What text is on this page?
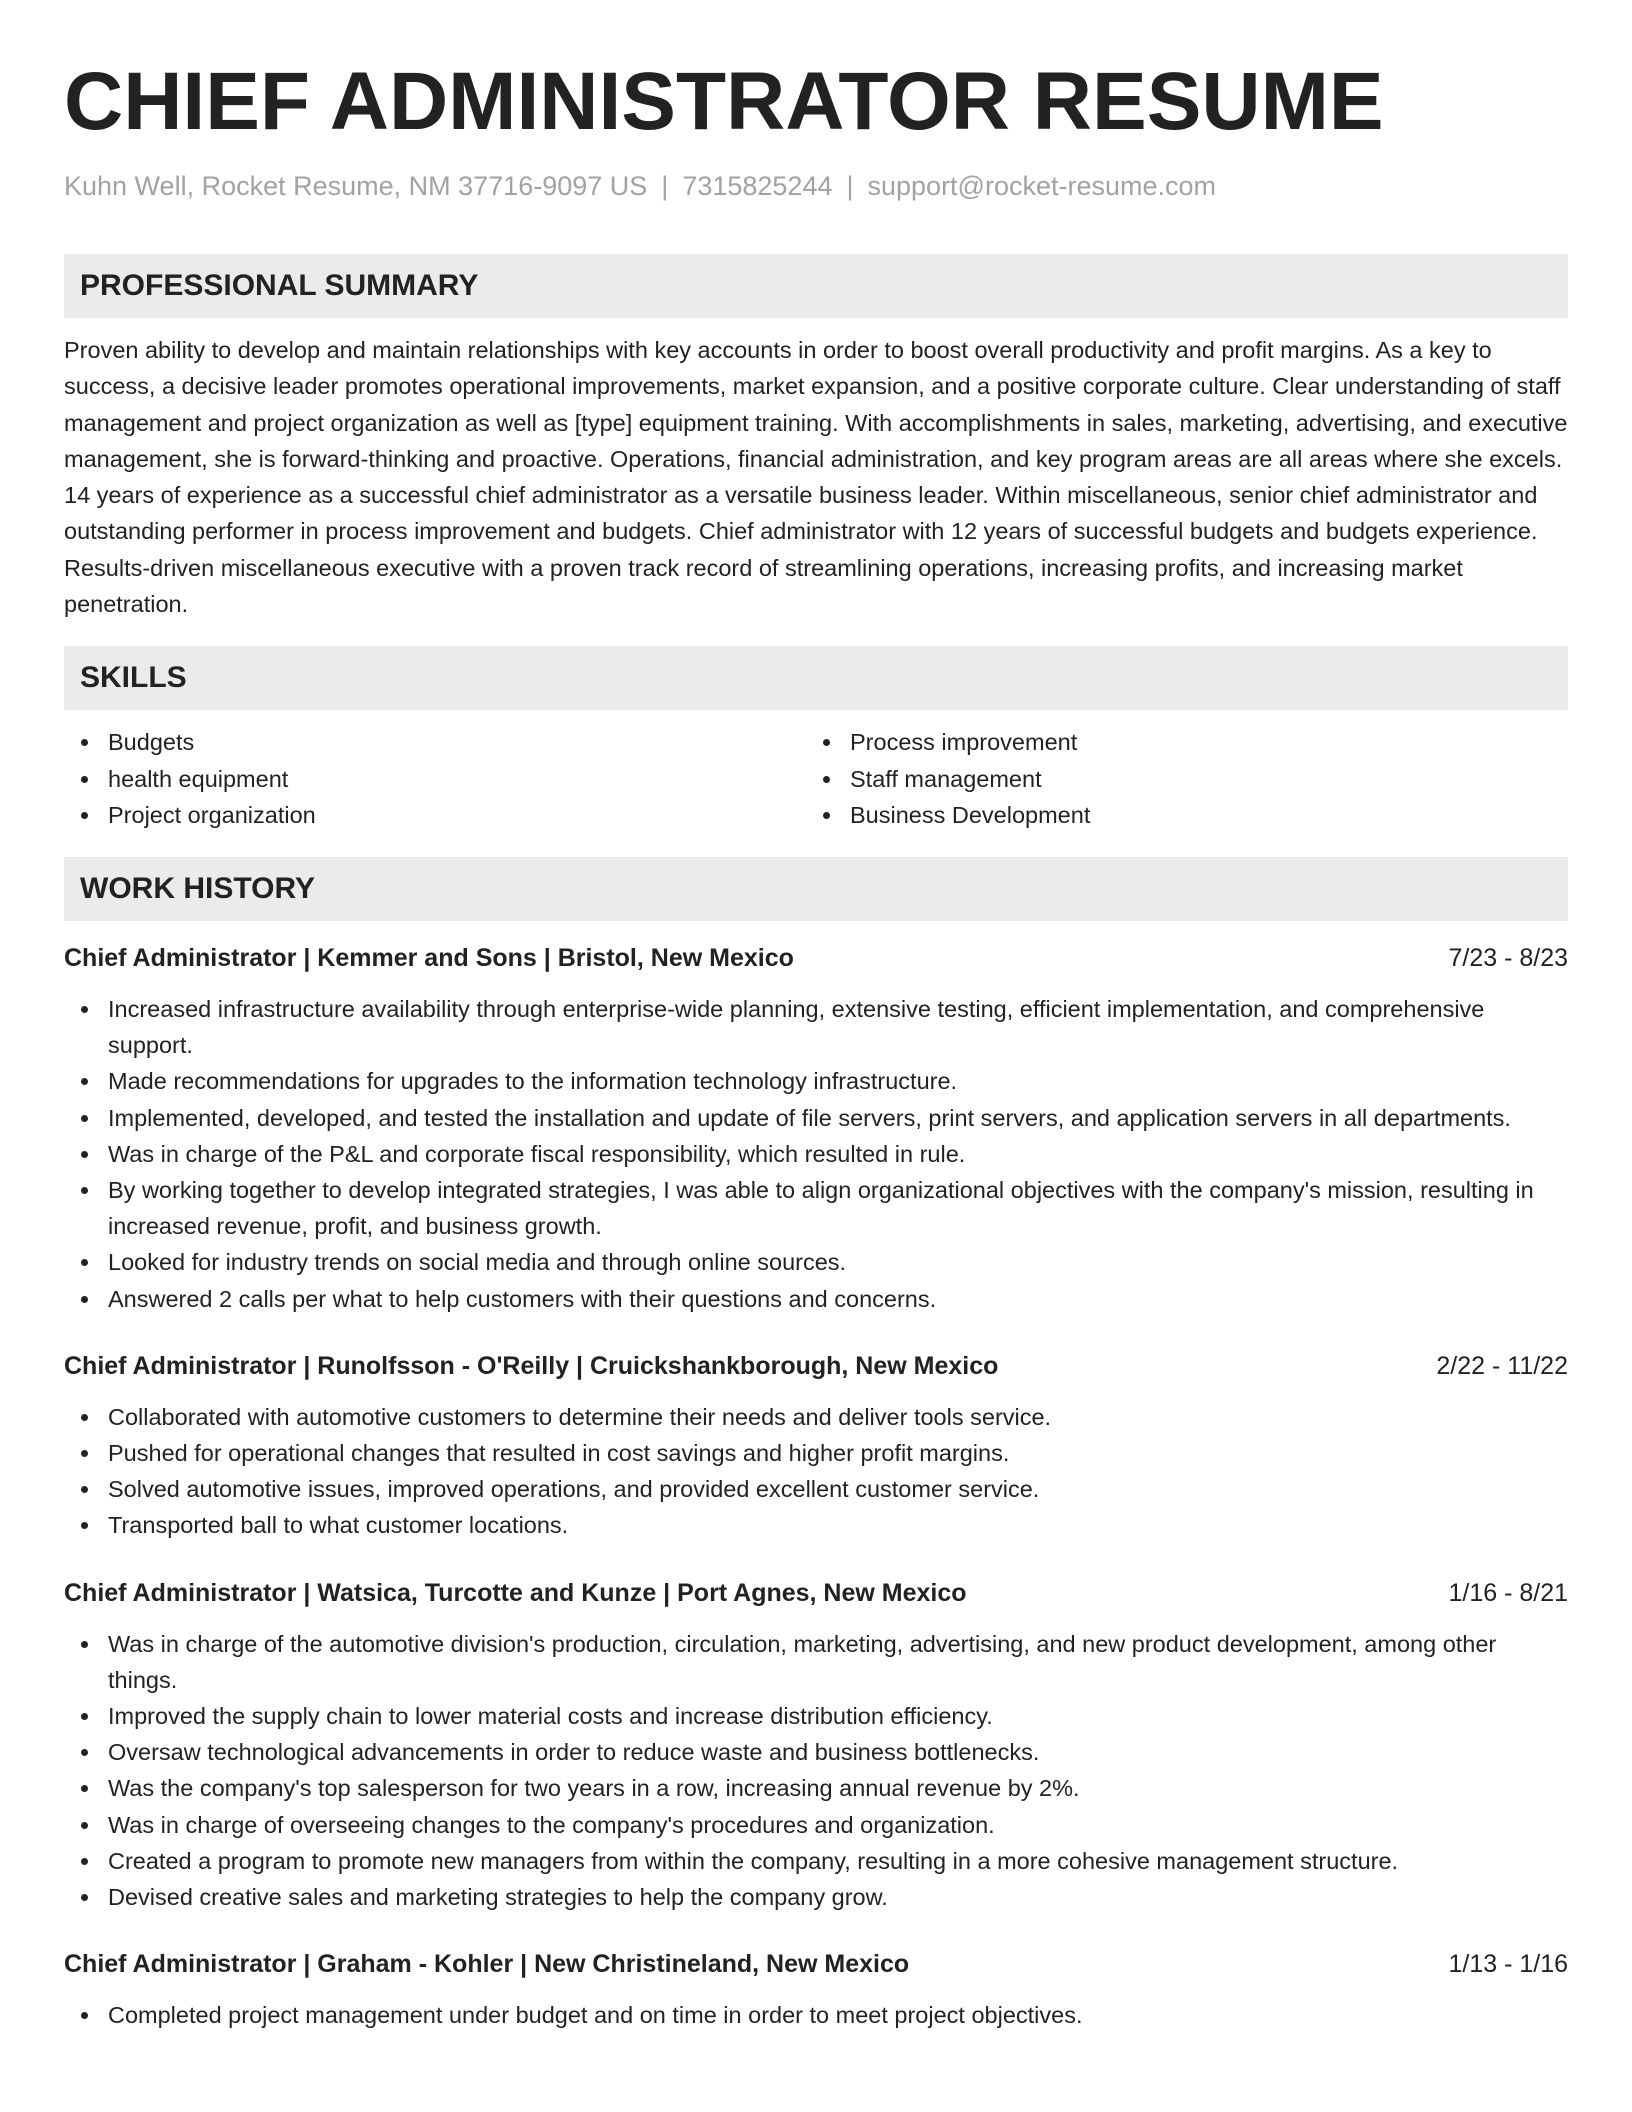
CHIEF ADMINISTRATOR RESUME
Kuhn Well, Rocket Resume, NM 37716-9097 US | 7315825244 | support@rocket-resume.com
PROFESSIONAL SUMMARY

Proven ability to develop and maintain relationships with key accounts in order to boost overall productivity and profit margins. As a key to success, a decisive leader promotes operational improvements, market expansion, and a positive corporate culture. Clear understanding of staff management and project organization as well as [type] equipment training. With accomplishments in sales, marketing, advertising, and executive management, she is forward-thinking and proactive. Operations, financial administration, and key program areas are all areas where she excels. 14 years of experience as a successful chief administrator as a versatile business leader. Within miscellaneous, senior chief administrator and outstanding performer in process improvement and budgets. Chief administrator with 12 years of successful budgets and budgets experience. Results-driven miscellaneous executive with a proven track record of streamlining operations, increasing profits, and increasing market penetration.

SKILLS
Budgets
health equipment
Project organization
Process improvement
Staff management
Business Development
WORK HISTORY
Chief Administrator | Kemmer and Sons | Bristol, New Mexico	7/23 - 8/23
Increased infrastructure availability through enterprise-wide planning, extensive testing, efficient implementation, and comprehensive support.
Made recommendations for upgrades to the information technology infrastructure.
Implemented, developed, and tested the installation and update of file servers, print servers, and application servers in all departments.
Was in charge of the P&L and corporate fiscal responsibility, which resulted in rule.
By working together to develop integrated strategies, I was able to align organizational objectives with the company's mission, resulting in increased revenue, profit, and business growth.
Looked for industry trends on social media and through online sources.
Answered 2 calls per what to help customers with their questions and concerns.
Chief Administrator | Runolfsson - O'Reilly | Cruickshankborough, New Mexico	2/22 - 11/22
Collaborated with automotive customers to determine their needs and deliver tools service.
Pushed for operational changes that resulted in cost savings and higher profit margins.
Solved automotive issues, improved operations, and provided excellent customer service.
Transported ball to what customer locations.
Chief Administrator | Watsica, Turcotte and Kunze | Port Agnes, New Mexico	1/16 - 8/21
Was in charge of the automotive division's production, circulation, marketing, advertising, and new product development, among other things.
Improved the supply chain to lower material costs and increase distribution efficiency.
Oversaw technological advancements in order to reduce waste and business bottlenecks.
Was the company's top salesperson for two years in a row, increasing annual revenue by 2%.
Was in charge of overseeing changes to the company's procedures and organization.
Created a program to promote new managers from within the company, resulting in a more cohesive management structure.
Devised creative sales and marketing strategies to help the company grow.
Chief Administrator | Graham - Kohler | New Christineland, New Mexico	1/13 - 1/16
Completed project management under budget and on time in order to meet project objectives.
